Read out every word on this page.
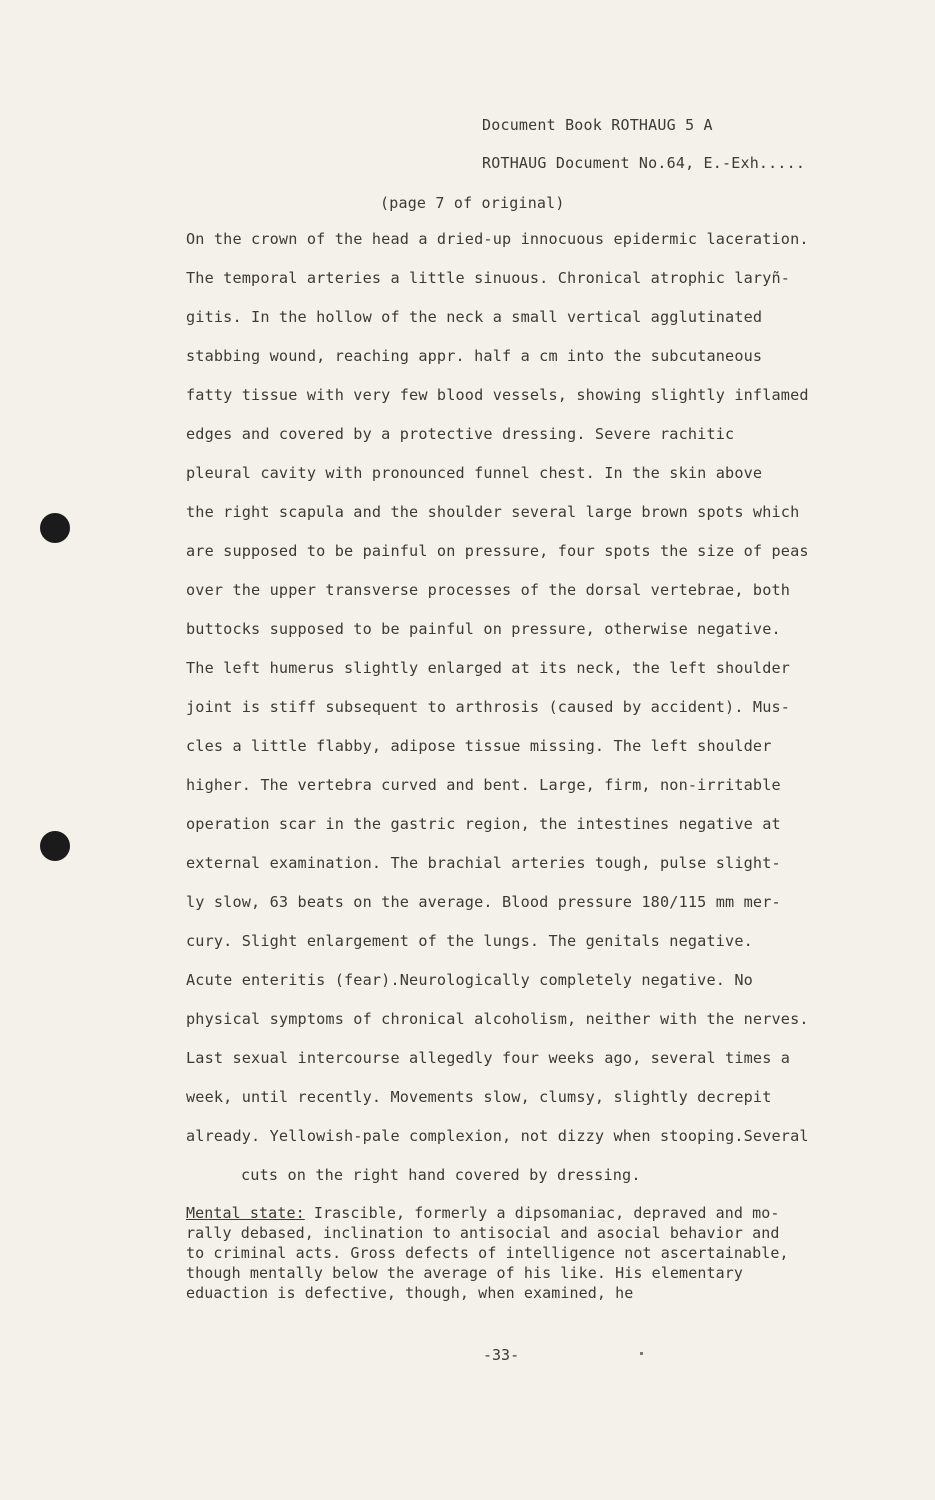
Document Book ROTHAUG 5 A
ROTHAUG Document No.64, E.-Exh.....
(page 7 of original)
On the crown of the head a dried-up innocuous epidermic laceration.
The temporal arteries a little sinuous. Chronical atrophic laryñ-
gitis. In the hollow of the neck a small vertical agglutinated
stabbing wound, reaching appr. half a cm into the subcutaneous
fatty tissue with very few blood vessels, showing slightly inflamed
edges and covered by a protective dressing. Severe rachitic
pleural cavity with pronounced funnel chest. In the skin above
the right scapula and the shoulder several large brown spots which
are supposed to be painful on pressure, four spots the size of peas
over the upper transverse processes of the dorsal vertebrae, both
buttocks supposed to be painful on pressure, otherwise negative.
The left humerus slightly enlarged at its neck, the left shoulder
joint is stiff subsequent to arthrosis (caused by accident). Mus-
cles a little flabby, adipose tissue missing. The left shoulder
higher. The vertebra curved and bent. Large, firm, non-irritable
operation scar in the gastric region, the intestines negative at
external examination. The brachial arteries tough, pulse slight-
ly slow, 63 beats on the average. Blood pressure 180/115 mm mer-
cury. Slight enlargement of the lungs. The genitals negative.
Acute enteritis (fear).Neurologically completely negative. No
physical symptoms of chronical alcoholism, neither with the nerves.
Last sexual intercourse allegedly four weeks ago, several times a
week, until recently. Movements slow, clumsy, slightly decrepit
already. Yellowish-pale complexion, not dizzy when stooping.Several
cuts on the right hand covered by dressing.
Mental state: Irascible, formerly a dipsomaniac, depraved and mo-
rally debased, inclination to antisocial and asocial behavior and
to criminal acts. Gross defects of intelligence not ascertainable,
though mentally below the average of his like. His elementary
eduaction is defective, though, when examined, he
-33-
